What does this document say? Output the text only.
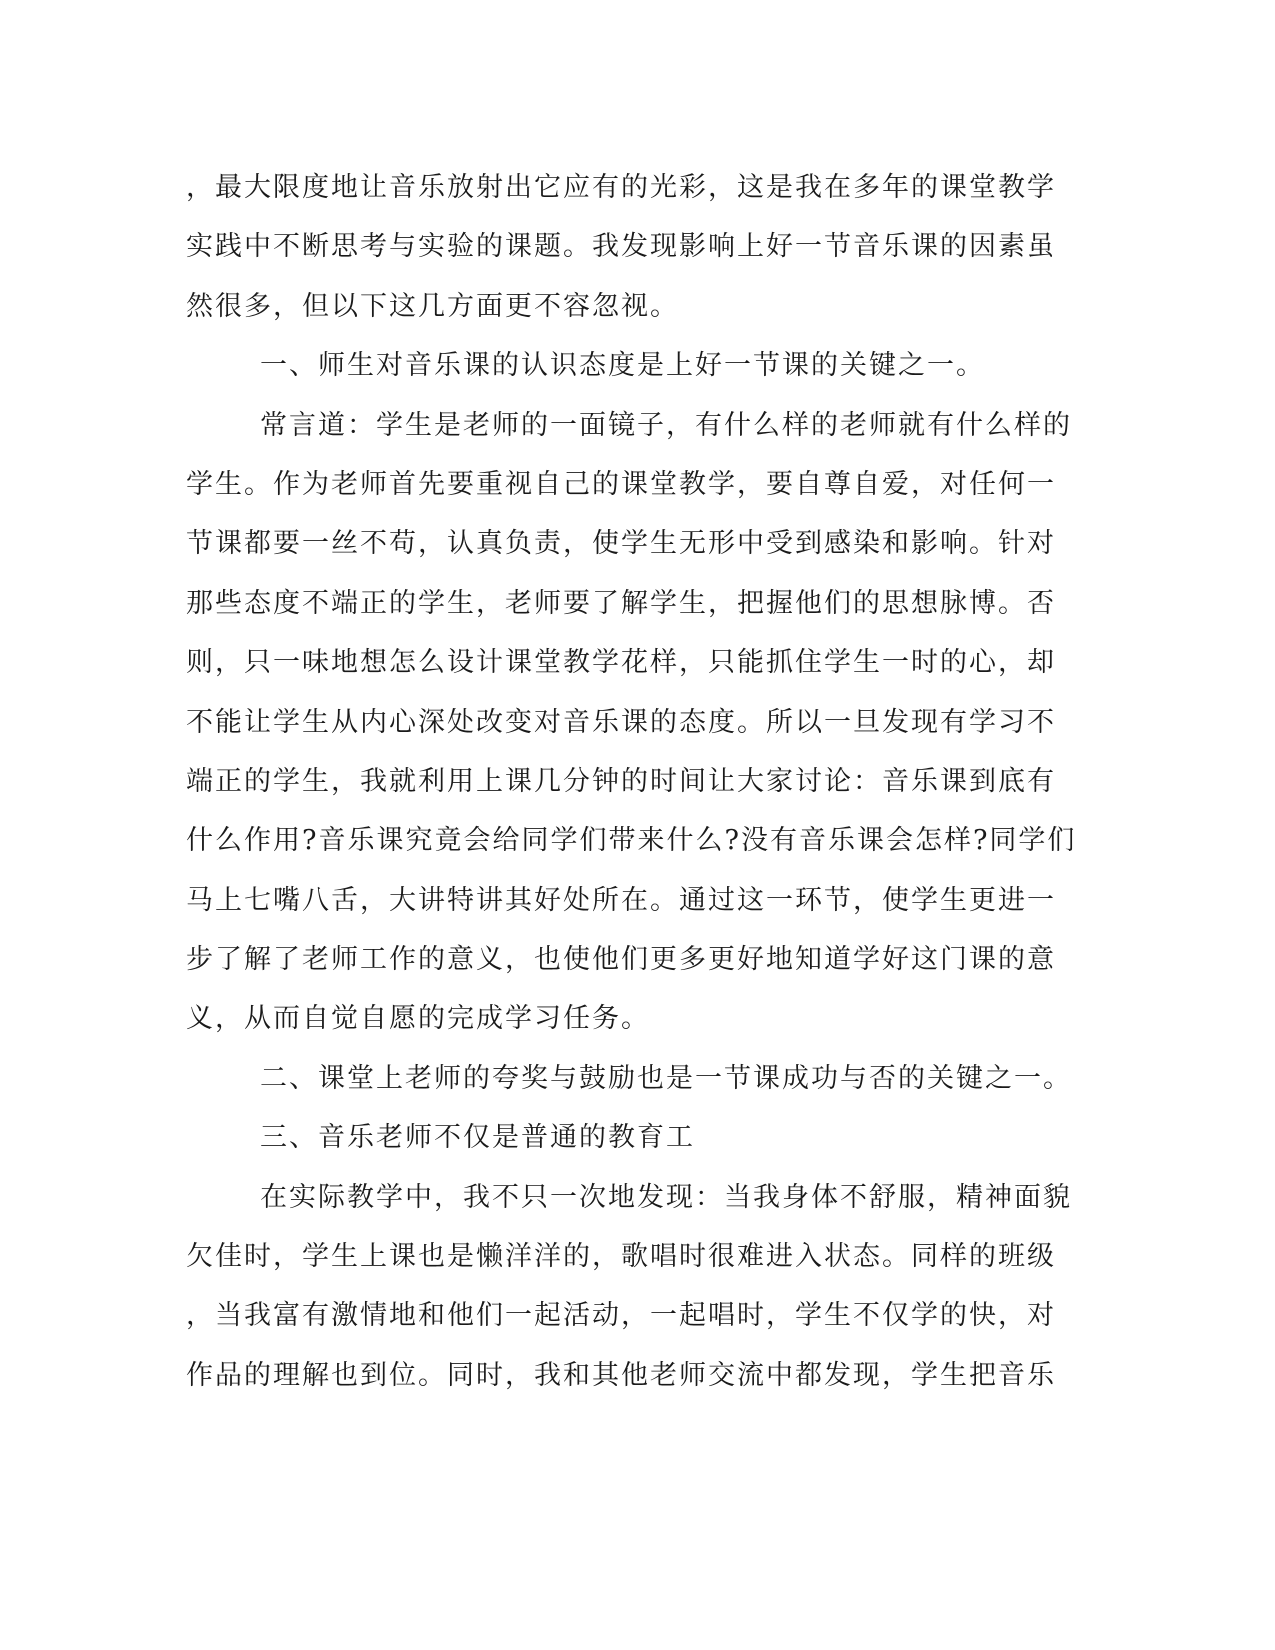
，最大限度地让音乐放射出它应有的光彩，这是我在多年的课堂教学
实践中不断思考与实验的课题。我发现影响上好一节音乐课的因素虽
然很多，但以下这几方面更不容忽视。
一、师生对音乐课的认识态度是上好一节课的关键之一。
常言道：学生是老师的一面镜子，有什么样的老师就有什么样的
学生。作为老师首先要重视自己的课堂教学，要自尊自爱，对任何一
节课都要一丝不苟，认真负责，使学生无形中受到感染和影响。针对
那些态度不端正的学生，老师要了解学生，把握他们的思想脉博。否
则，只一味地想怎么设计课堂教学花样，只能抓住学生一时的心，却
不能让学生从内心深处改变对音乐课的态度。所以一旦发现有学习不
端正的学生，我就利用上课几分钟的时间让大家讨论：音乐课到底有
什么作用?音乐课究竟会给同学们带来什么?没有音乐课会怎样?同学们
马上七嘴八舌，大讲特讲其好处所在。通过这一环节，使学生更进一
步了解了老师工作的意义，也使他们更多更好地知道学好这门课的意
义，从而自觉自愿的完成学习任务。
二、课堂上老师的夸奖与鼓励也是一节课成功与否的关键之一。
三、音乐老师不仅是普通的教育工
在实际教学中，我不只一次地发现：当我身体不舒服，精神面貌
欠佳时，学生上课也是懒洋洋的，歌唱时很难进入状态。同样的班级
，当我富有激情地和他们一起活动，一起唱时，学生不仅学的快，对
作品的理解也到位。同时，我和其他老师交流中都发现，学生把音乐
